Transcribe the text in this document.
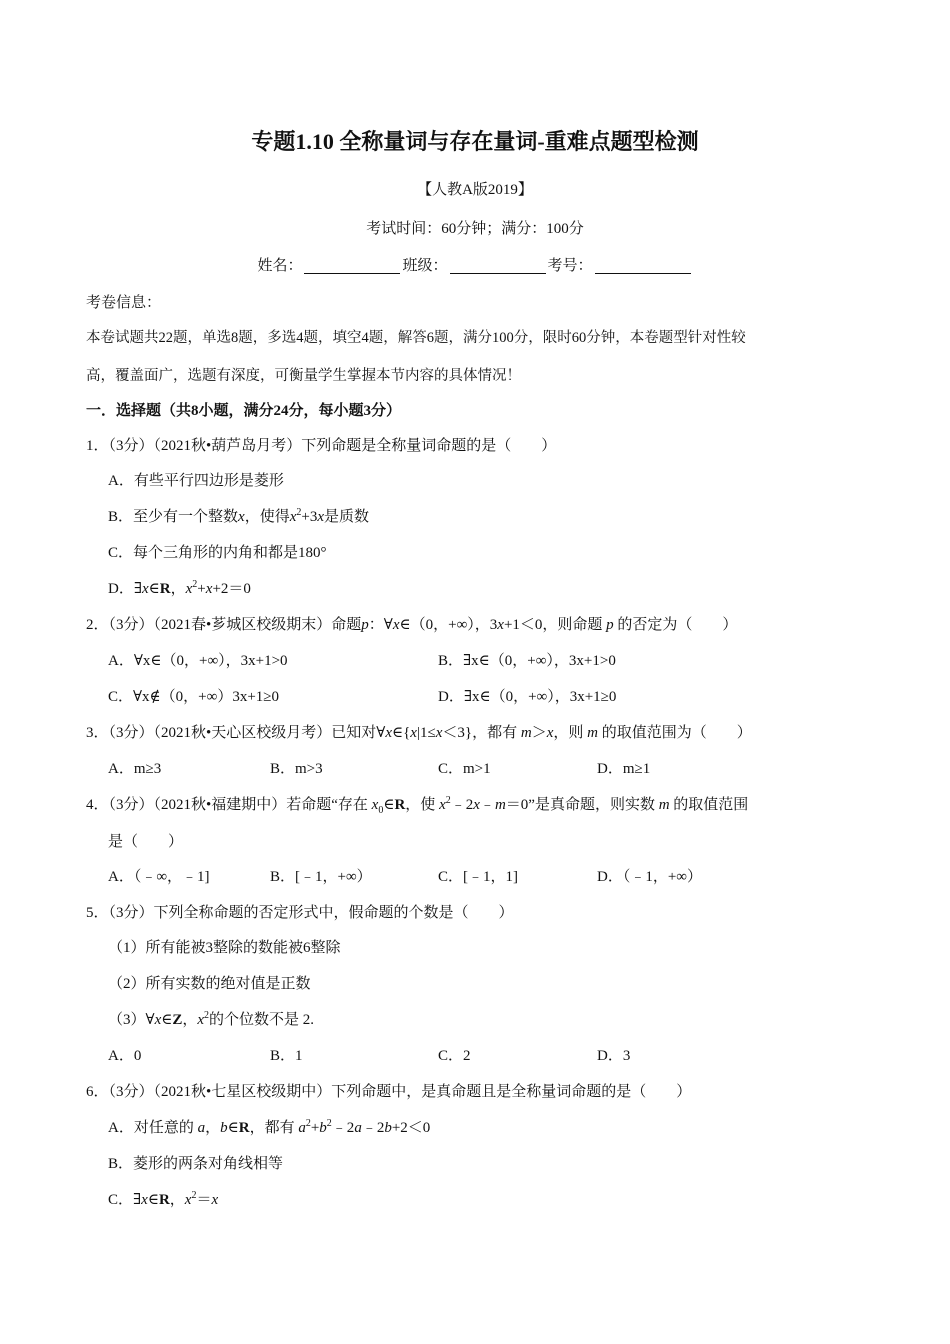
专题1.10 全称量词与存在量词-重难点题型检测
【人教A版2019】
考试时间：60分钟；满分：100分
姓名：	班级：	考号：
考卷信息：
本卷试题共22题，单选8题，多选4题，填空4题，解答6题，满分100分，限时60分钟，本卷题型针对性较
高，覆盖面广，选题有深度，可衡量学生掌握本节内容的具体情况！
一．选择题（共8小题，满分24分，每小题3分）
1．（3分）（2021秋•葫芦岛月考）下列命题是全称量词命题的是（　　）
A．有些平行四边形是菱形
B．至少有一个整数x，使得$x^2+3x$是质数
C．每个三角形的内角和都是180°
D．∃x∈R，$x^2+x+2=0$
2．（3分）（2021春•芗城区校级期末）命题p：∀x∈（0，+∞），3x+1＜0，则命题 p 的否定为（　　）
A．∀x∈（0，+∞），3x+1>0	B．∃x∈（0，+∞），3x+1>0
C．∀x∉（0，+∞）3x+1≥0	D．∃x∈（0，+∞），3x+1≥0
3．（3分）（2021秋•天心区校级月考）已知对∀x∈{x|1≤x＜3}，都有 m＞x，则 m 的取值范围为（　　）
A．m≥3	B．m>3	C．m>1	D．m≥1
4．（3分）（2021秋•福建期中）若命题“存在 $x_0\in R$，使 $x^2﹣2x﹣m=0$”是真命题，则实数 m 的取值范围
是（　　）
A．（﹣∞，﹣1]	B．[﹣1，+∞）	C．[﹣1，1]	D．（﹣1，+∞）
5．（3分）下列全称命题的否定形式中，假命题的个数是（　　）
（1）所有能被3整除的数能被6整除
（2）所有实数的绝对值是正数
（3）∀x∈Z，$x^2$的个位数不是 2.
A．0	B．1	C．2	D．3
6．（3分）（2021秋•七星区校级期中）下列命题中，是真命题且是全称量词命题的是（　　）
A．对任意的 a，b∈R，都有 $a^2+b^2﹣2a﹣2b+2<0$
B．菱形的两条对角线相等
C．∃x∈R，$x^2=x$
